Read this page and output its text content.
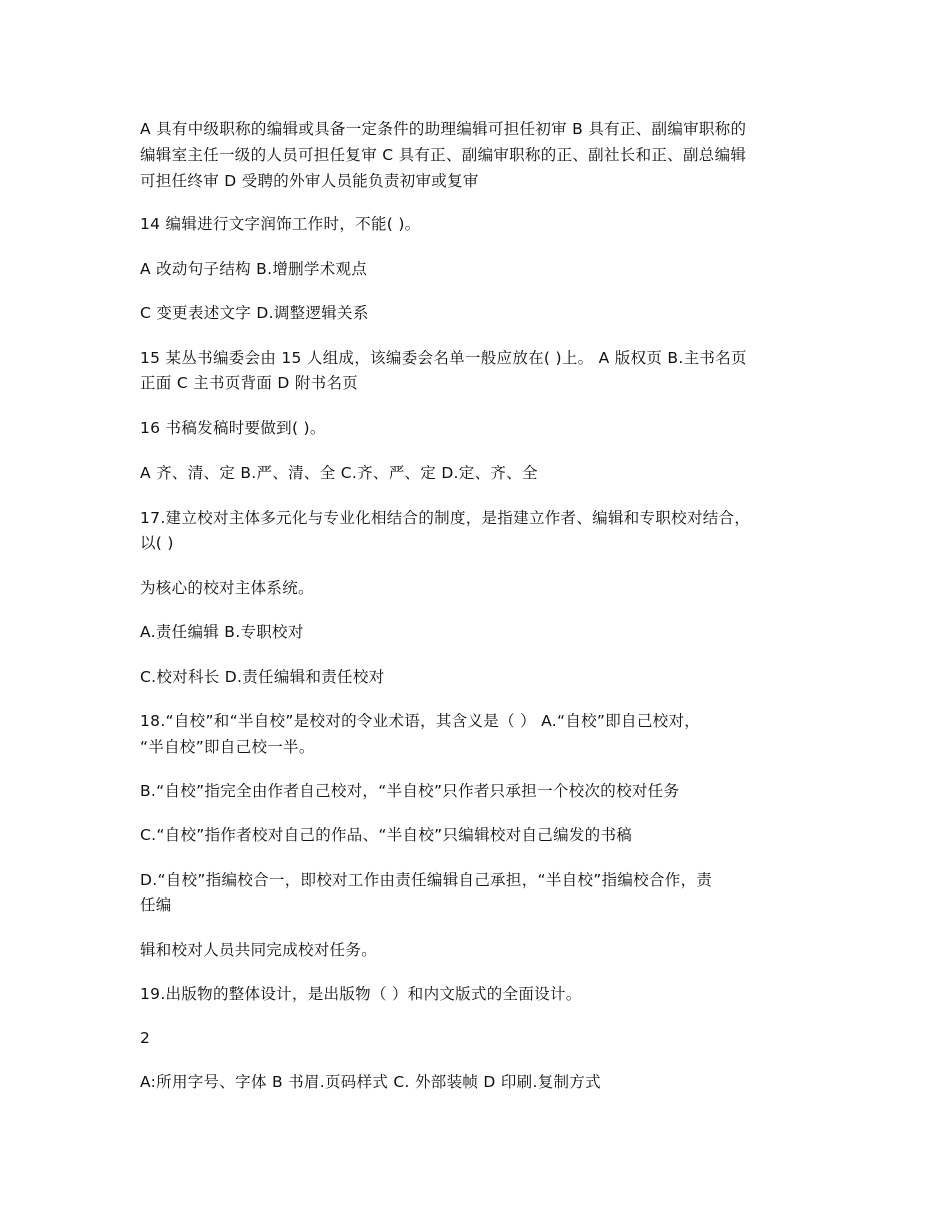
A 具有中级职称的编辑或具备一定条件的助理编辑可担任初审 B 具有正、副编审职称的
编辑室主任一级的人员可担任复审 C 具有正、副编审职称的正、副社长和正、副总编辑
可担任终审 D 受聘的外审人员能负责初审或复审
14 编辑进行文字润饰工作时，不能( )。
A 改动句子结构 B.增删学术观点
C 变更表述文字 D.调整逻辑关系
15 某丛书编委会由 15 人组成，该编委会名单一般应放在( )上。 A 版权页 B.主书名页
正面 C 主书页背面 D 附书名页
16 书稿发稿时要做到( )。
A 齐、清、定 B.严、清、全 C.齐、严、定 D.定、齐、全
17.建立校对主体多元化与专业化相结合的制度，是指建立作者、编辑和专职校对结合，
以( )
为核心的校对主体系统。
A.责任编辑 B.专职校对
C.校对科长 D.责任编辑和责任校对
18.“自校”和“半自校”是校对的令业术语，其含义是（ ） A.“自校”即自己校对，
“半自校”即自己校一半。
B.“自校”指完全由作者自己校对，“半自校”只作者只承担一个校次的校对任务
C.“自校”指作者校对自己的作品、“半自校”只编辑校对自己编发的书稿
D.“自校”指编校合一，即校对工作由责任编辑自己承担，“半自校”指编校合作，责
任编
辑和校对人员共同完成校对任务。
19.出版物的整体设计，是出版物（ ）和内文版式的全面设计。
2
A:所用字号、字体 B 书眉.页码样式 C. 外部装帧 D 印刷.复制方式
